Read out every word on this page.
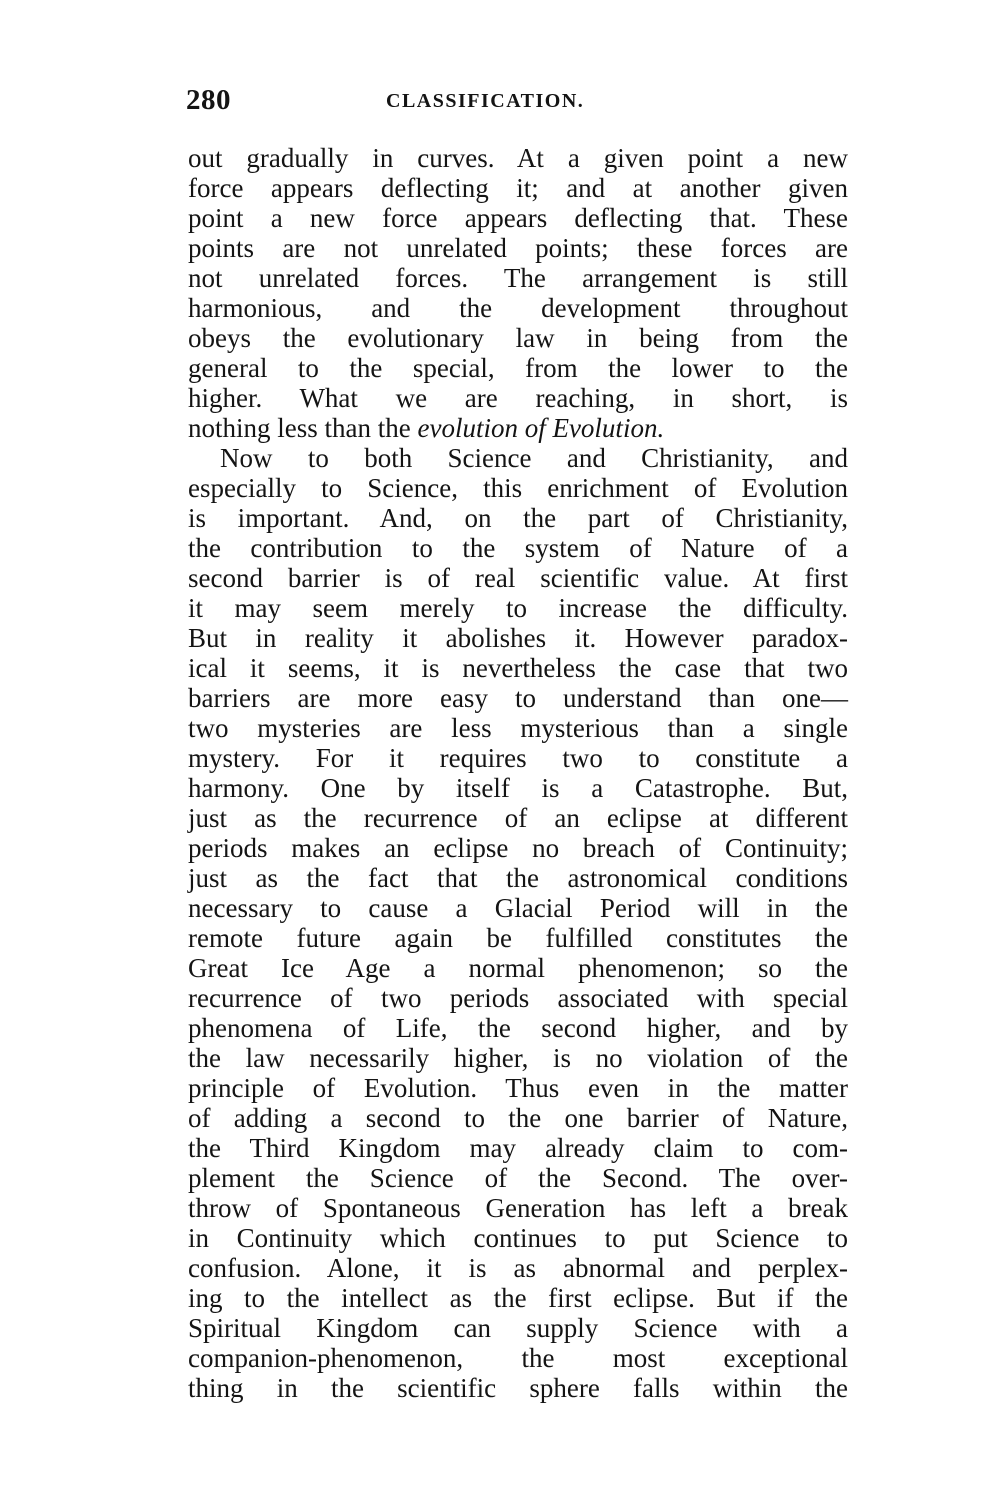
280	CLASSIFICATION.
out gradually in curves. At a given point a new
force appears deflecting it; and at another given
point a new force appears deflecting that. These
points are not unrelated points; these forces are
not unrelated forces. The arrangement is still
harmonious, and the development throughout
obeys the evolutionary law in being from the
general to the special, from the lower to the
higher. What we are reaching, in short, is
nothing less than the evolution of Evolution.
Now to both Science and Christianity, and
especially to Science, this enrichment of Evolution
is important. And, on the part of Christianity,
the contribution to the system of Nature of a
second barrier is of real scientific value. At first
it may seem merely to increase the difficulty.
But in reality it abolishes it. However paradox-
ical it seems, it is nevertheless the case that two
barriers are more easy to understand than one—
two mysteries are less mysterious than a single
mystery. For it requires two to constitute a
harmony. One by itself is a Catastrophe. But,
just as the recurrence of an eclipse at different
periods makes an eclipse no breach of Continuity;
just as the fact that the astronomical conditions
necessary to cause a Glacial Period will in the
remote future again be fulfilled constitutes the
Great Ice Age a normal phenomenon; so the
recurrence of two periods associated with special
phenomena of Life, the second higher, and by
the law necessarily higher, is no violation of the
principle of Evolution. Thus even in the matter
of adding a second to the one barrier of Nature,
the Third Kingdom may already claim to com-
plement the Science of the Second. The over-
throw of Spontaneous Generation has left a break
in Continuity which continues to put Science to
confusion. Alone, it is as abnormal and perplex-
ing to the intellect as the first eclipse. But if the
Spiritual Kingdom can supply Science with a
companion-phenomenon, the most exceptional
thing in the scientific sphere falls within the
